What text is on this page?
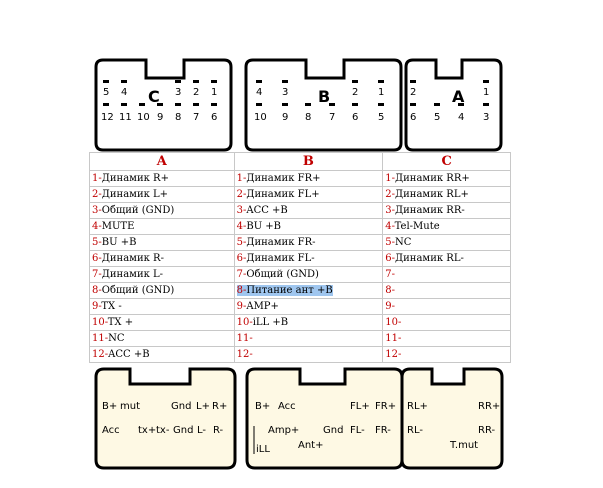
5 4 C 3 2 1
12 11 10 9 8 7 6
4 3 B 2 1
10 9 8 7 6 5
2 A 1
6 5 4 3
B+ mut	Gnd L+ R+
Acc tx+ tx- Gnd L- R-
B+ Acc	FL+ FR+
Amp+ Gnd FL- FR-
iLL	Ant+
RL+	RR+
RL-	RR-
T.mut
A	B	C
1-Динамик R+	1-Динамик FR+	1-Динамик RR+
2-Динамик L+	2-Динамик FL+	2-Динамик RL+
3-Общий (GND)	3-ACC +B	3-Динамик RR-
4-MUTE	4-BU +B	4-Tel-Mute
5-BU +B	5-Динамик FR-	5-NC
6-Динамик R-	6-Динамик FL-	6-Динамик RL-
7-Динамик L-	7-Общий (GND)	7-
8-Общий (GND)	8-Питание ант +B	8-
9-TX -	9-AMP+	9-
10-TX +	10-iLL +B	10-
11-NC	11-	11-
12-ACC +B	12-	12-
